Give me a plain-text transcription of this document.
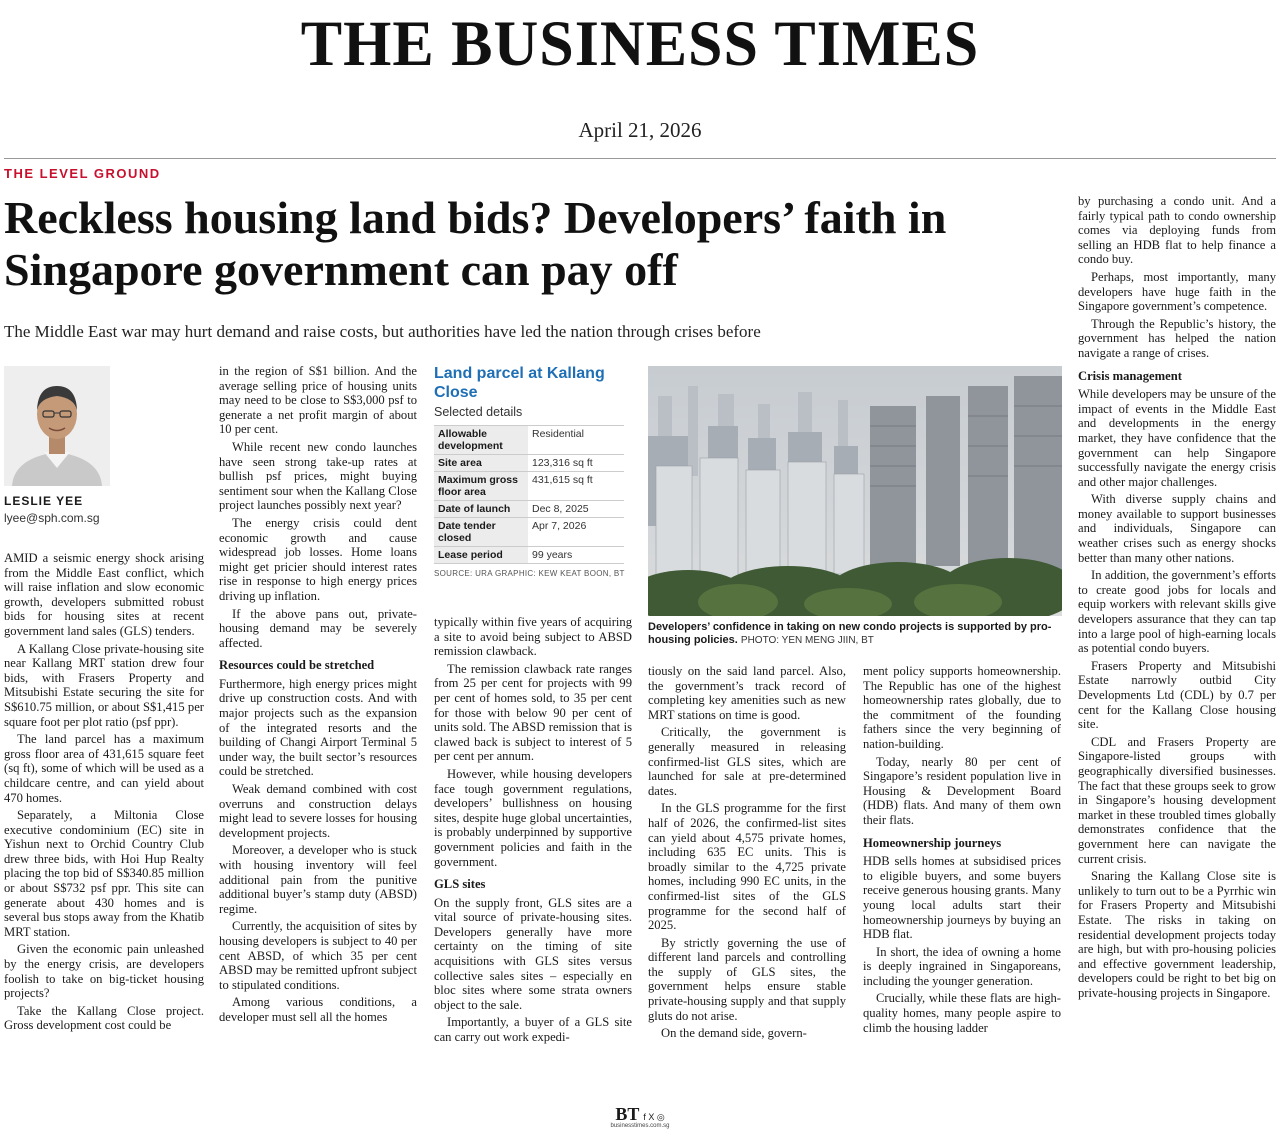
THE BUSINESS TIMES
April 21, 2026
THE LEVEL GROUND
Reckless housing land bids? Developers’ faith in Singapore government can pay off
The Middle East war may hurt demand and raise costs, but authorities have led the nation through crises before
LESLIE YEE
lyee@sph.com.sg

AMID a seismic energy shock arising from the Middle East conflict, which will raise inflation and slow economic growth, developers submitted robust bids for housing sites at recent government land sales (GLS) tenders.

A Kallang Close private-housing site near Kallang MRT station drew four bids, with Frasers Property and Mitsubishi Estate securing the site for S$610.75 million, or about S$1,415 per square foot per plot ratio (psf ppr).

The land parcel has a maximum gross floor area of 431,615 square feet (sq ft), some of which will be used as a childcare centre, and can yield about 470 homes.

Separately, a Miltonia Close executive condominium (EC) site in Yishun next to Orchid Country Club drew three bids, with Hoi Hup Realty placing the top bid of S$340.85 million or about S$732 psf ppr. This site can generate about 430 homes and is several bus stops away from the Khatib MRT station.

Given the economic pain unleashed by the energy crisis, are developers foolish to take on big-ticket housing projects?

Take the Kallang Close project. Gross development cost could be

in the region of S$1 billion. And the average selling price of housing units may need to be close to S$3,000 psf to generate a net profit margin of about 10 per cent.

While recent new condo launches have seen strong take-up rates at bullish psf prices, might buying sentiment sour when the Kallang Close project launches possibly next year?

The energy crisis could dent economic growth and cause widespread job losses. Home loans might get pricier should interest rates rise in response to high energy prices driving up inflation.

If the above pans out, private-housing demand may be severely affected.

Resources could be stretched

Furthermore, high energy prices might drive up construction costs. And with major projects such as the expansion of the integrated resorts and the building of Changi Airport Terminal 5 under way, the built sector’s resources could be stretched.

Weak demand combined with cost overruns and construction delays might lead to severe losses for housing development projects.

Moreover, a developer who is stuck with housing inventory will feel additional pain from the punitive additional buyer’s stamp duty (ABSD) regime.

Currently, the acquisition of sites by housing developers is subject to 40 per cent ABSD, of which 35 per cent ABSD may be remitted upfront subject to stipulated conditions.

Among various conditions, a developer must sell all the homes

Land parcel at Kallang Close
Selected details
Allowable development	Residential
Site area	123,316 sq ft
Maximum gross floor area	431,615 sq ft
Date of launch	Dec 8, 2025
Date tender closed	Apr 7, 2026
Lease period	99 years
SOURCE: URA GRAPHIC: KEW KEAT BOON, BT

typically within five years of acquiring a site to avoid being subject to ABSD remission clawback.

The remission clawback rate ranges from 25 per cent for projects with 99 per cent of homes sold, to 35 per cent for those with below 90 per cent of units sold. The ABSD remission that is clawed back is subject to interest of 5 per cent per annum.

However, while housing developers face tough government regulations, developers’ bullishness on housing sites, despite huge global uncertainties, is probably underpinned by supportive government policies and faith in the government.

GLS sites

On the supply front, GLS sites are a vital source of private-housing sites. Developers generally have more certainty on the timing of site acquisitions with GLS sites versus collective sales sites – especially en bloc sites where some strata owners object to the sale.

Importantly, a buyer of a GLS site can carry out work expedi-

Developers’ confidence in taking on new condo projects is supported by pro-housing policies. PHOTO: YEN MENG JIIN, BT

tiously on the said land parcel. Also, the government’s track record of completing key amenities such as new MRT stations on time is good.

Critically, the government is generally measured in releasing confirmed-list GLS sites, which are launched for sale at pre-determined dates.

In the GLS programme for the first half of 2026, the confirmed-list sites can yield about 4,575 private homes, including 635 EC units. This is broadly similar to the 4,725 private homes, including 990 EC units, in the confirmed-list sites of the GLS programme for the second half of 2025.

By strictly governing the use of different land parcels and controlling the supply of GLS sites, the government helps ensure stable private-housing supply and that supply gluts do not arise.

On the demand side, govern-

ment policy supports homeownership. The Republic has one of the highest homeownership rates globally, due to the commitment of the founding fathers since the very beginning of nation-building.

Today, nearly 80 per cent of Singapore’s resident population live in Housing & Development Board (HDB) flats. And many of them own their flats.

Homeownership journeys

HDB sells homes at subsidised prices to eligible buyers, and some buyers receive generous housing grants. Many young local adults start their homeownership journeys by buying an HDB flat.

In short, the idea of owning a home is deeply ingrained in Singaporeans, including the younger generation.

Crucially, while these flats are high-quality homes, many people aspire to climb the housing ladder

by purchasing a condo unit. And a fairly typical path to condo ownership comes via deploying funds from selling an HDB flat to help finance a condo buy.

Perhaps, most importantly, many developers have huge faith in the Singapore government’s competence.

Through the Republic’s history, the government has helped the nation navigate a range of crises.

Crisis management

While developers may be unsure of the impact of events in the Middle East and developments in the energy market, they have confidence that the government can help Singapore successfully navigate the energy crisis and other major challenges.

With diverse supply chains and money available to support businesses and individuals, Singapore can weather crises such as energy shocks better than many other nations.

In addition, the government’s efforts to create good jobs for locals and equip workers with relevant skills give developers assurance that they can tap into a large pool of high-earning locals as potential condo buyers.

Frasers Property and Mitsubishi Estate narrowly outbid City Developments Ltd (CDL) by 0.7 per cent for the Kallang Close housing site.

CDL and Frasers Property are Singapore-listed groups with geographically diversified businesses. The fact that these groups seek to grow in Singapore’s housing development market in these troubled times globally demonstrates confidence that the government here can navigate the current crisis.

Snaring the Kallang Close site is unlikely to turn out to be a Pyrrhic win for Frasers Property and Mitsubishi Estate. The risks in taking on residential development projects today are high, but with pro-housing policies and effective government leadership, developers could be right to bet big on private-housing projects in Singapore.

BT f X ◎
businesstimes.com.sg
